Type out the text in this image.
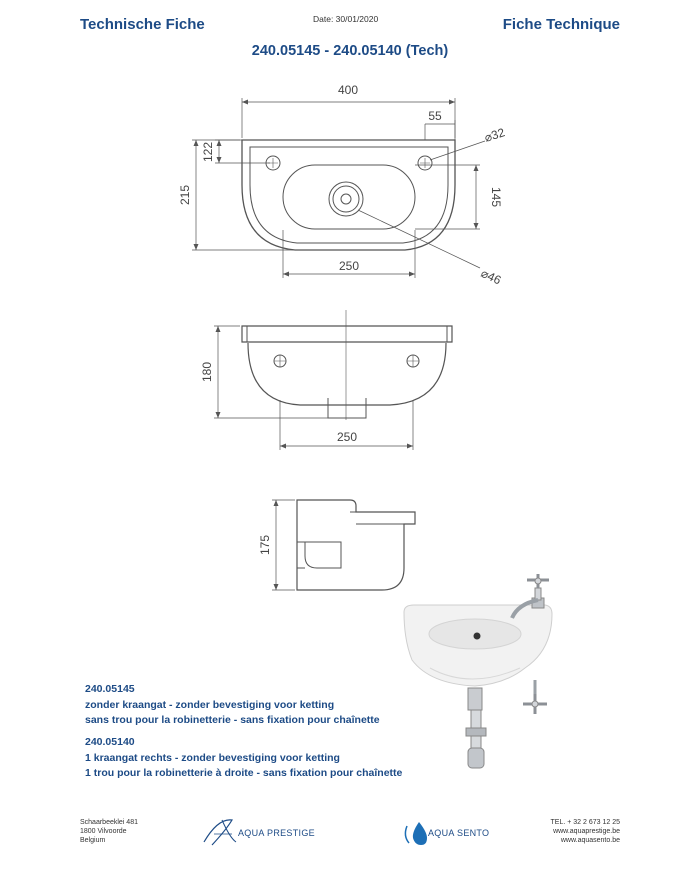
Technische Fiche	Date: 30/01/2020	Fiche Technique
240.05145 - 240.05140 (Tech)
400
55
⌀32
122
215	145
250
⌀46
180
250
175
240.05145
zonder kraangat - zonder bevestiging voor ketting
sans trou pour la robinetterie - sans fixation pour chaînette
240.05140
1 kraangat rechts - zonder bevestiging voor ketting
1 trou pour la robinetterie à droite - sans fixation pour chaînette
Schaarbeeklei 481
1800 Vilvoorde
Belgium
AQUA PRESTIGE	AQUA SENTO
TEL. + 32 2 673 12 25
www.aquaprestige.be
www.aquasento.be
